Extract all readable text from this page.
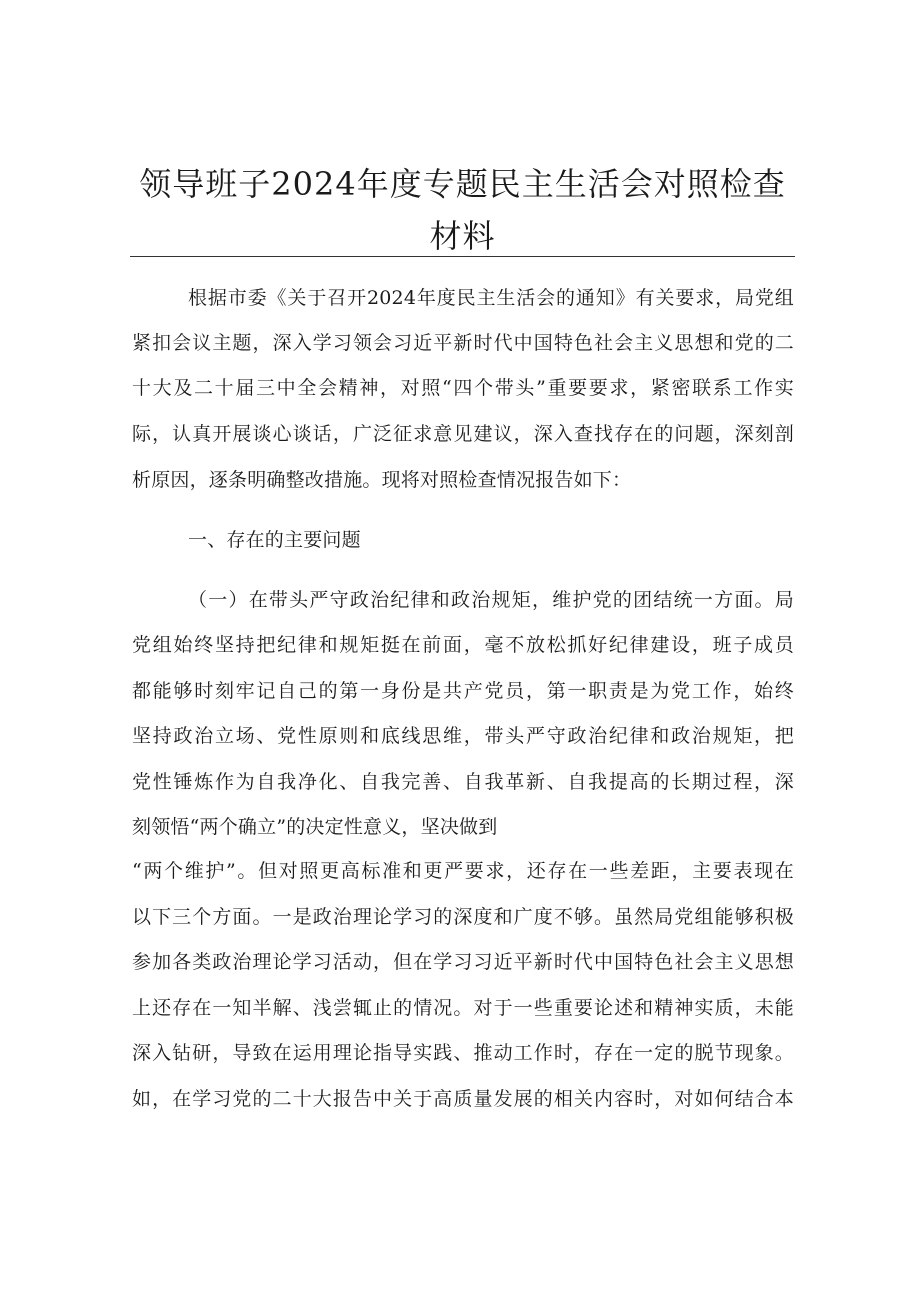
领导班子2024年度专题民主生活会对照检查
材料
根据市委《关于召开2024年度民主生活会的通知》有关要求，局党组
紧扣会议主题，深入学习领会习近平新时代中国特色社会主义思想和党的二
十大及二十届三中全会精神，对照“四个带头”重要要求，紧密联系工作实
际，认真开展谈心谈话，广泛征求意见建议，深入查找存在的问题，深刻剖
析原因，逐条明确整改措施。现将对照检查情况报告如下：
一、存在的主要问题
（一）在带头严守政治纪律和政治规矩，维护党的团结统一方面。局
党组始终坚持把纪律和规矩挺在前面，毫不放松抓好纪律建设，班子成员
都能够时刻牢记自己的第一身份是共产党员，第一职责是为党工作，始终
坚持政治立场、党性原则和底线思维，带头严守政治纪律和政治规矩，把
党性锤炼作为自我净化、自我完善、自我革新、自我提高的长期过程，深
刻领悟“两个确立”的决定性意义，坚决做到
“两个维护”。但对照更高标准和更严要求，还存在一些差距，主要表现在
以下三个方面。一是政治理论学习的深度和广度不够。虽然局党组能够积极
参加各类政治理论学习活动，但在学习习近平新时代中国特色社会主义思想
上还存在一知半解、浅尝辄止的情况。对于一些重要论述和精神实质，未能
深入钻研，导致在运用理论指导实践、推动工作时，存在一定的脱节现象。
如，在学习党的二十大报告中关于高质量发展的相关内容时，对如何结合本
